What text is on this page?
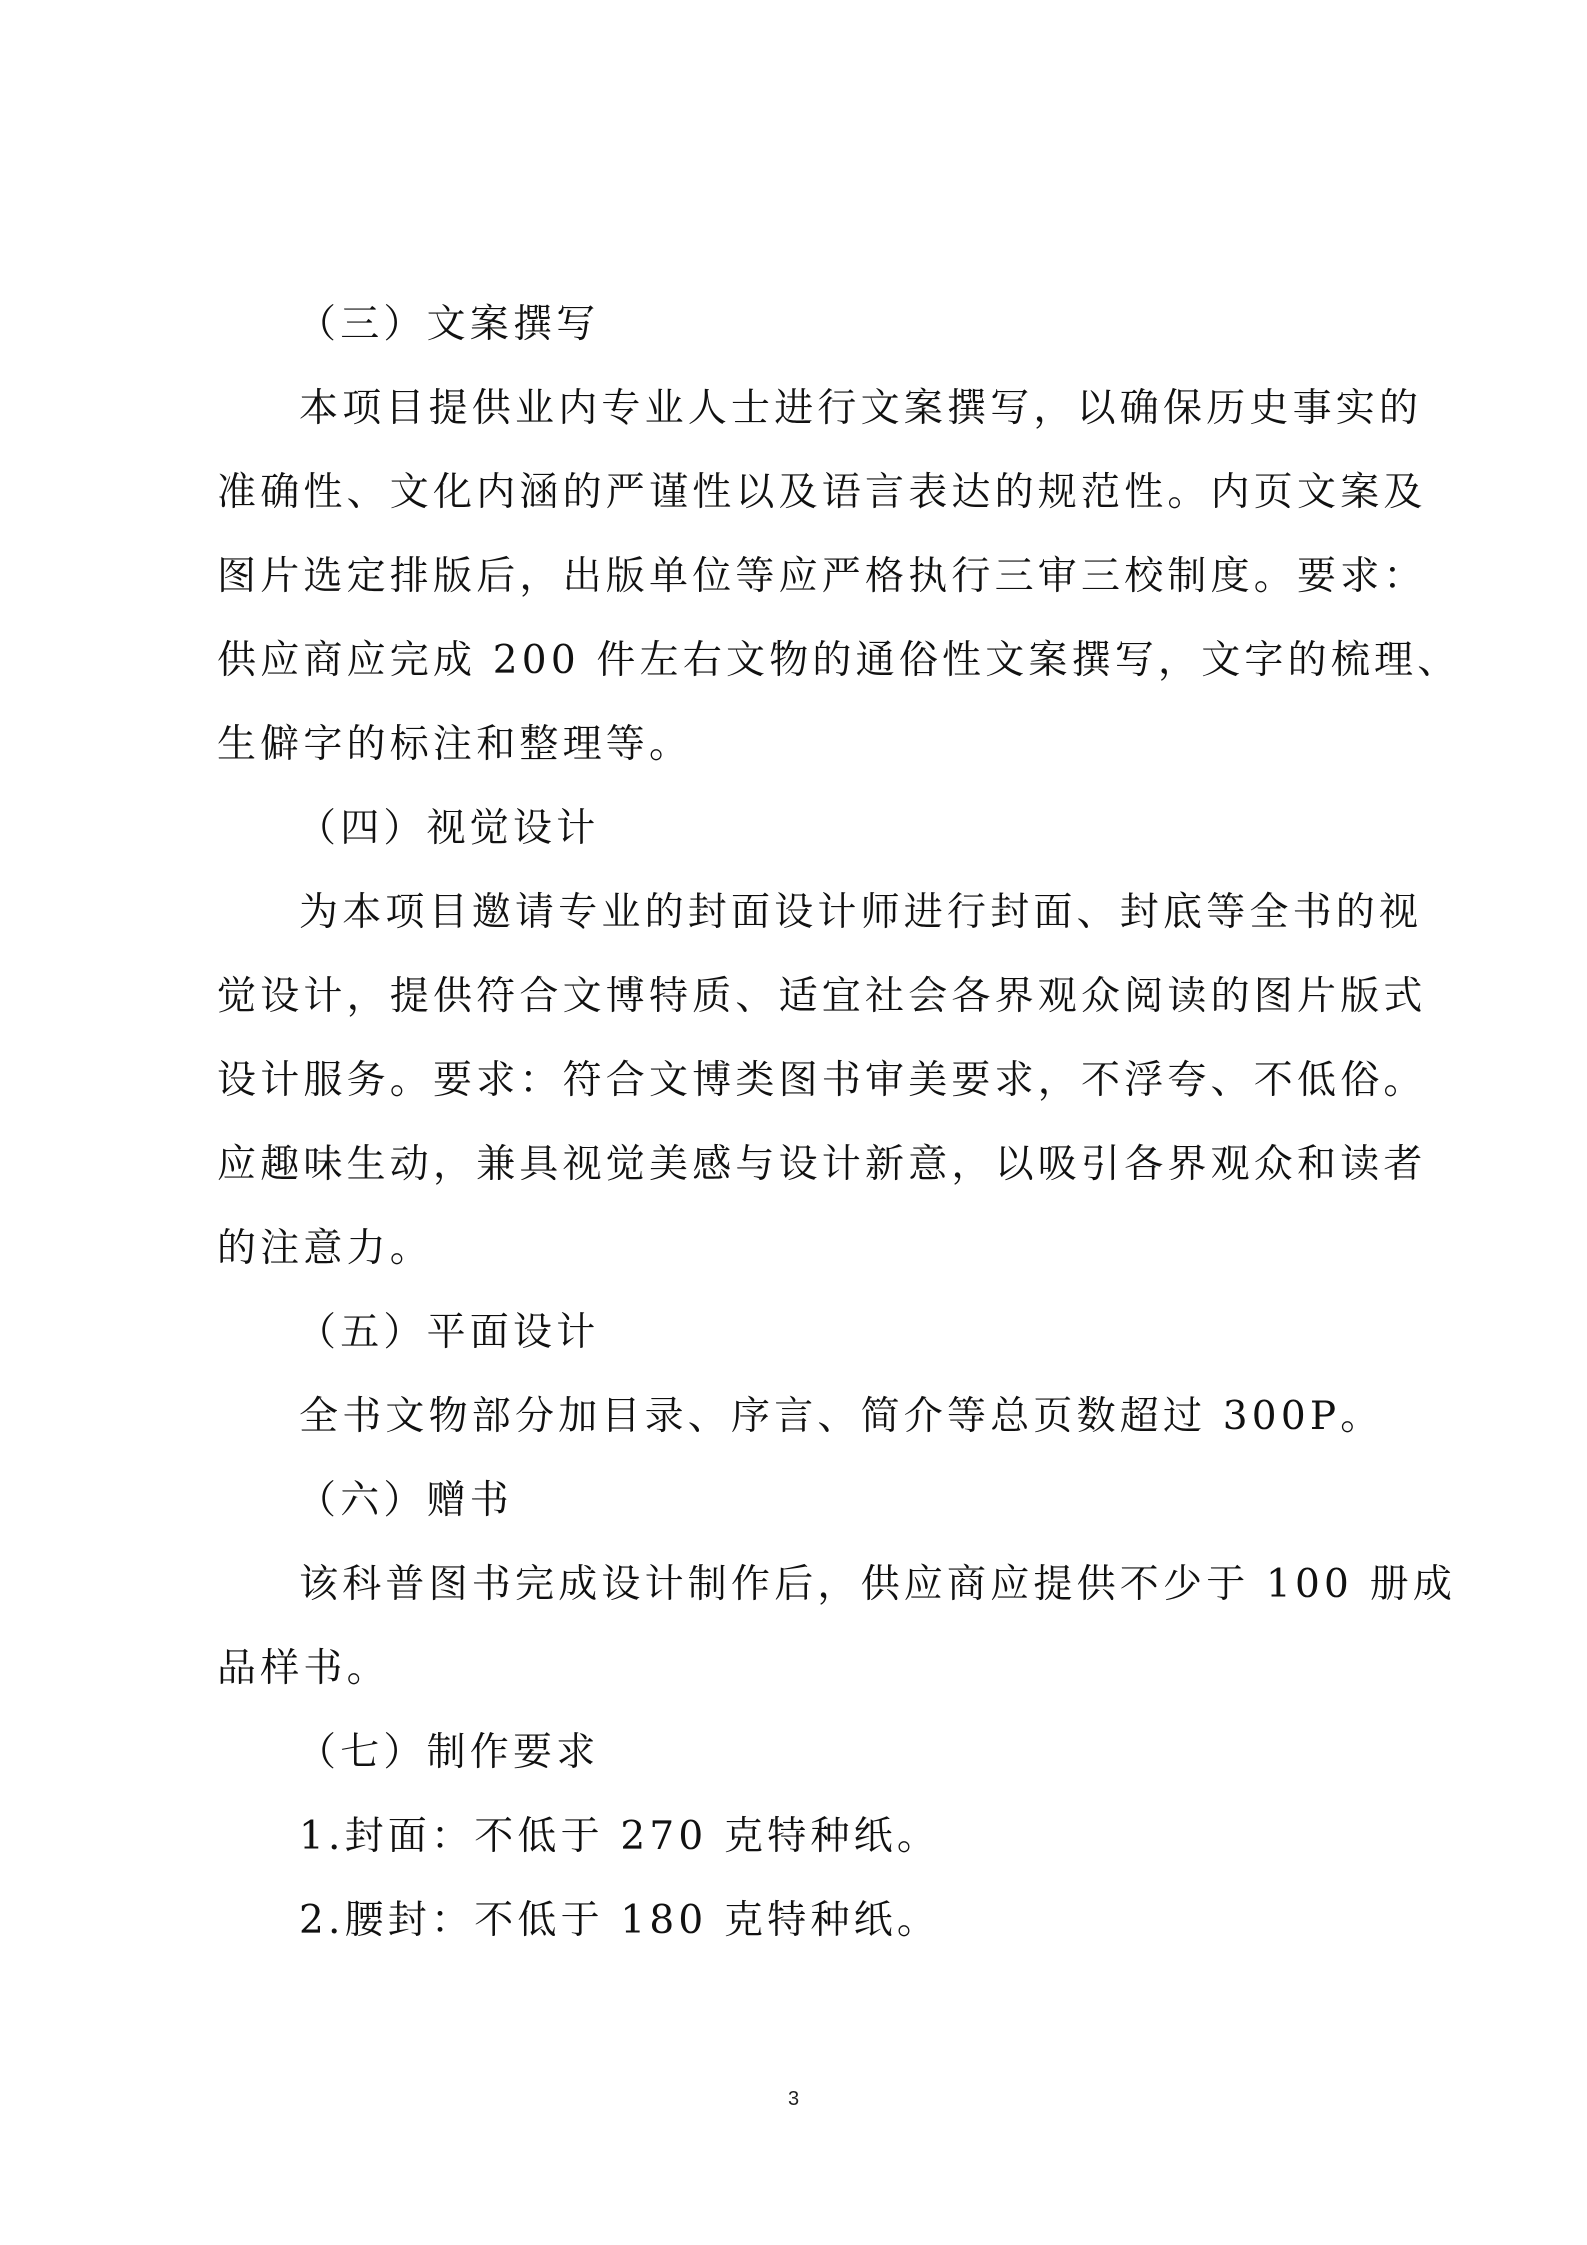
（三）文案撰写
本项目提供业内专业人士进行文案撰写，以确保历史事实的
准确性、文化内涵的严谨性以及语言表达的规范性。内页文案及
图片选定排版后，出版单位等应严格执行三审三校制度。要求：
供应商应完成 200 件左右文物的通俗性文案撰写，文字的梳理、
生僻字的标注和整理等。
（四）视觉设计
为本项目邀请专业的封面设计师进行封面、封底等全书的视
觉设计，提供符合文博特质、适宜社会各界观众阅读的图片版式
设计服务。要求：符合文博类图书审美要求，不浮夸、不低俗。
应趣味生动，兼具视觉美感与设计新意，以吸引各界观众和读者
的注意力。
（五）平面设计
全书文物部分加目录、序言、简介等总页数超过 300P。
（六）赠书
该科普图书完成设计制作后，供应商应提供不少于 100 册成
品样书。
（七）制作要求
1.封面：不低于 270 克特种纸。
2.腰封：不低于 180 克特种纸。
3
